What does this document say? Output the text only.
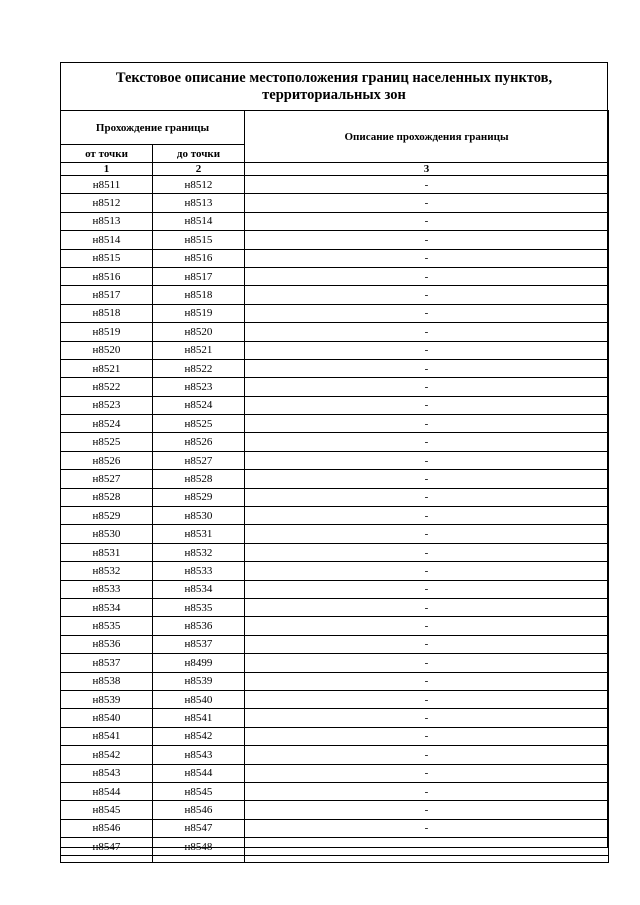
Текстовое описание местоположения границ населенных пунктов, территориальных зон
Прохождение границы		Описание прохождения границы
от точки	до точки	
1	2	3
н8511	н8512	-
н8512	н8513	-
н8513	н8514	-
н8514	н8515	-
н8515	н8516	-
н8516	н8517	-
н8517	н8518	-
н8518	н8519	-
н8519	н8520	-
н8520	н8521	-
н8521	н8522	-
н8522	н8523	-
н8523	н8524	-
н8524	н8525	-
н8525	н8526	-
н8526	н8527	-
н8527	н8528	-
н8528	н8529	-
н8529	н8530	-
н8530	н8531	-
н8531	н8532	-
н8532	н8533	-
н8533	н8534	-
н8534	н8535	-
н8535	н8536	-
н8536	н8537	-
н8537	н8499	-
н8538	н8539	-
н8539	н8540	-
н8540	н8541	-
н8541	н8542	-
н8542	н8543	-
н8543	н8544	-
н8544	н8545	-
н8545	н8546	-
н8546	н8547	-
н8547	н8548	-
